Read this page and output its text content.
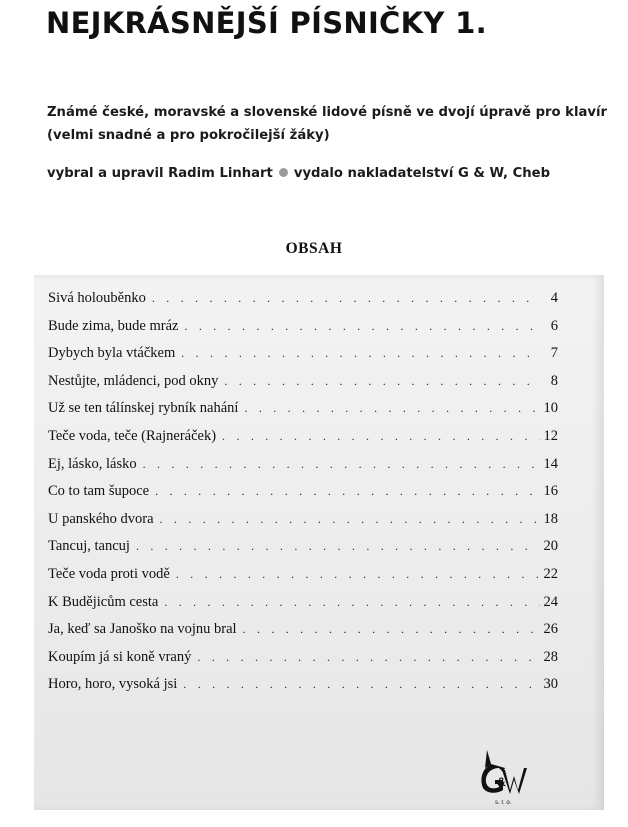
NEJKRÁSNĚJŠÍ PÍSNIČKY 1.
Známé české, moravské a slovenské lidové písně ve dvojí úpravě pro klavír
(velmi snadné a pro pokročilejší žáky)
vybral a upravil Radim Linhart vydalo nakladatelství G & W, Cheb
OBSAH
Sivá holouběnko . . .	4
Bude zima, bude mráz . . .	6
Dybych byla vtáčkem . . .	7
Nestůjte, mládenci, pod okny . . .	8
Už se ten tálínskej rybník nahání . . .	10
Teče voda, teče (Rajneráček) . . .	12
Ej, lásko, lásko . . .	14
Co to tam šupoce . . .	16
U panského dvora . . .	18
Tancuj, tancuj . . .	20
Teče voda proti vodě . . .	22
K Budějicům cesta . . .	24
Ja, keď sa Janoško na vojnu bral . . .	26
Koupím já si koně vraný . . .	28
Horo, horo, vysoká jsi . . .	30
&
s. r. o.
